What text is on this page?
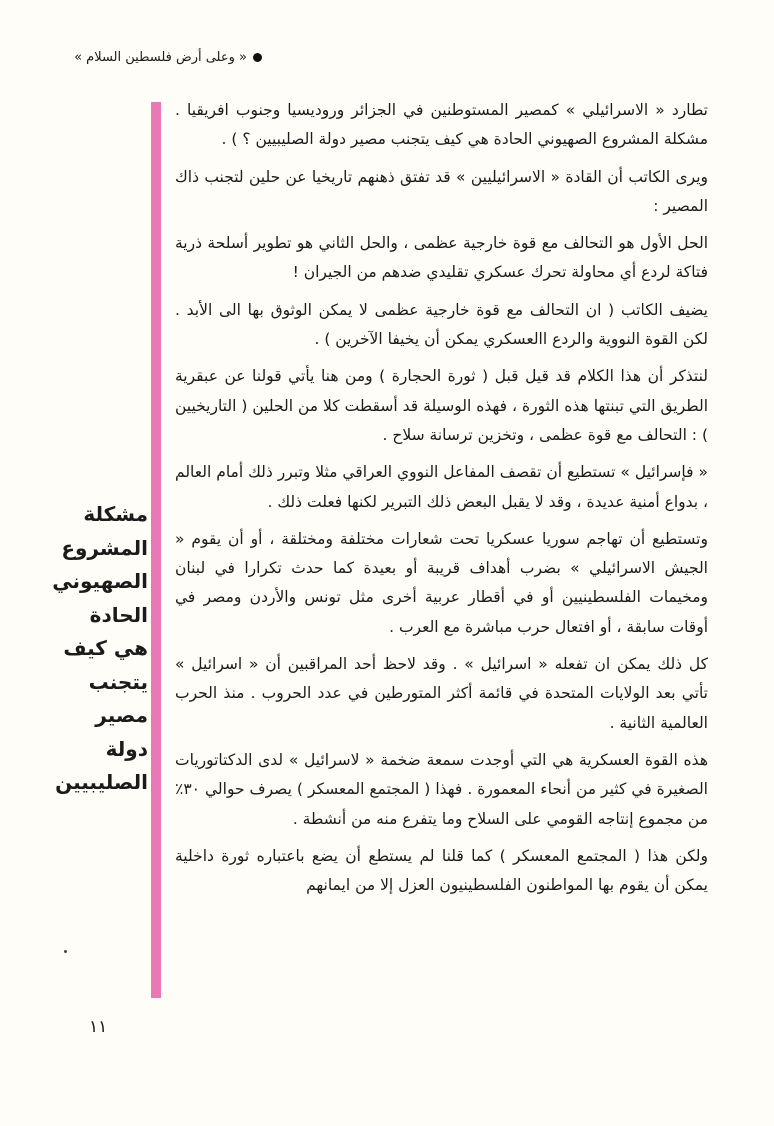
« وعلى أرض فلسطين السلام »

تطارد « الاسرائيلي » كمصير المستوطنين في الجزائر وروديسيا وجنوب افريقيا . مشكلة المشروع الصهيوني الحادة هي كيف يتجنب مصير دولة الصليبيين ؟ ) .

ويرى الكاتب أن القادة « الاسرائيليين » قد تفتق ذهنهم تاريخيا عن حلين لتجنب ذاك المصير :

الحل الأول هو التحالف مع قوة خارجية عظمى ، والحل الثاني هو تطوير أسلحة ذرية فتاكة لردع أي محاولة تحرك عسكري تقليدي ضدهم من الجيران !

يضيف الكاتب ( ان التحالف مع قوة خارجية عظمى لا يمكن الوثوق بها الى الأبد . لكن القوة النووية والردع االعسكري يمكن أن يخيفا الآخرين ) .

لنتذكر أن هذا الكلام قد قيل قبل ( ثورة الحجارة ) ومن هنا يأتي قولنا عن عبقرية الطريق التي تبنتها هذه الثورة ، فهذه الوسيلة قد أسقطت كلا من الحلين ( التاريخيين ) : التحالف مع قوة عظمى ، وتخزين ترسانة سلاح .

« فإسرائيل » تستطيع أن تقصف المفاعل النووي العراقي مثلا وتبرر ذلك أمام العالم ، بدواع أمنية عديدة ، وقد لا يقبل البعض ذلك التبرير لكنها فعلت ذلك .

وتستطيع أن تهاجم سوريا عسكريا تحت شعارات مختلفة ومختلقة ، أو أن يقوم « الجيش الاسرائيلي » بضرب أهداف قريبة أو بعيدة كما حدث تكرارا في لبنان ومخيمات الفلسطينيين أو في أقطار عربية أخرى مثل تونس والأردن ومصر في أوقات سابقة ، أو افتعال حرب مباشرة مع العرب .

كل ذلك يمكن ان تفعله « اسرائيل » . وقد لاحظ أحد المراقبين أن « اسرائيل » تأتي بعد الولايات المتحدة في قائمة أكثر المتورطين في عدد الحروب . منذ الحرب العالمية الثانية .

هذه القوة العسكرية هي التي أوجدت سمعة ضخمة « لاسرائيل » لدى الدكتاتوريات الصغيرة في كثير من أنحاء المعمورة . فهذا ( المجتمع المعسكر ) يصرف حوالي ٣٠٪ من مجموع إنتاجه القومي على السلاح وما يتفرع منه من أنشطة .

ولكن هذا ( المجتمع المعسكر ) كما قلنا لم يستطع أن يضع باعتباره ثورة داخلية يمكن أن يقوم بها المواطنون الفلسطينيون العزل إلا من ايمانهم

مشكلة
المشروع
الصهيوني
الحادة
هي كيف
يتجنب
مصير
دولة
الصليبيين
١١
